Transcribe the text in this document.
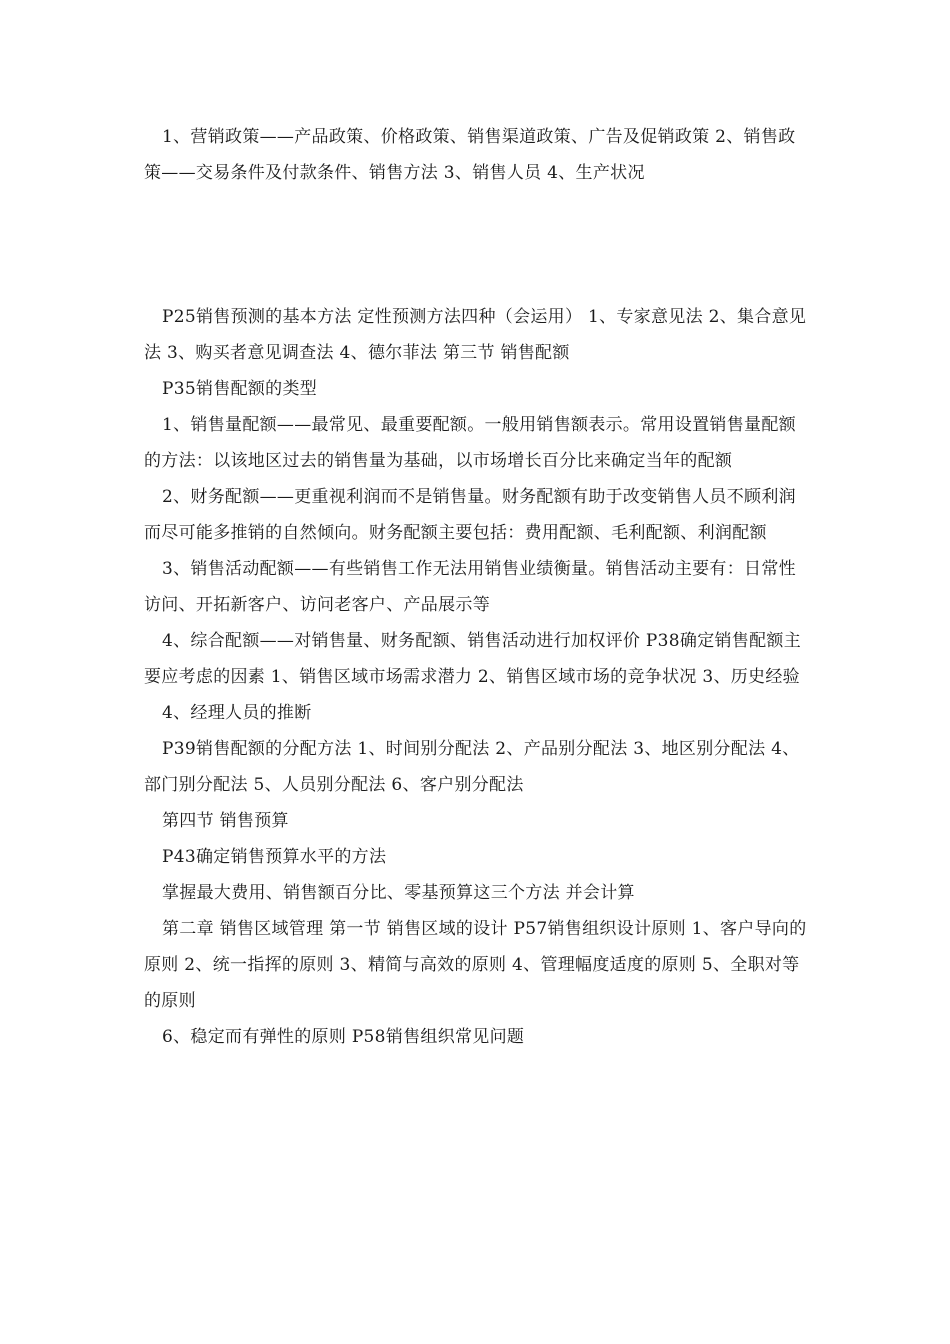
1、营销政策——产品政策、价格政策、销售渠道政策、广告及促销政策 2、销售政策——交易条件及付款条件、销售方法 3、销售人员 4、生产状况

P25销售预测的基本方法 定性预测方法四种（会运用） 1、专家意见法 2、集合意见法 3、购买者意见调查法 4、德尔菲法 第三节 销售配额

P35销售配额的类型

1、销售量配额——最常见、最重要配额。一般用销售额表示。常用设置销售量配额的方法：以该地区过去的销售量为基础，以市场增长百分比来确定当年的配额

2、财务配额——更重视利润而不是销售量。财务配额有助于改变销售人员不顾利润而尽可能多推销的自然倾向。财务配额主要包括：费用配额、毛利配额、利润配额

3、销售活动配额——有些销售工作无法用销售业绩衡量。销售活动主要有：日常性访问、开拓新客户、访问老客户、产品展示等

4、综合配额——对销售量、财务配额、销售活动进行加权评价 P38确定销售配额主要应考虑的因素 1、销售区域市场需求潜力 2、销售区域市场的竞争状况 3、历史经验

4、经理人员的推断

P39销售配额的分配方法 1、时间别分配法 2、产品别分配法 3、地区别分配法 4、部门别分配法 5、人员别分配法 6、客户别分配法

第四节 销售预算

P43确定销售预算水平的方法

掌握最大费用、销售额百分比、零基预算这三个方法 并会计算

第二章 销售区域管理 第一节 销售区域的设计 P57销售组织设计原则 1、客户导向的原则 2、统一指挥的原则 3、精简与高效的原则 4、管理幅度适度的原则 5、全职对等的原则

6、稳定而有弹性的原则 P58销售组织常见问题
